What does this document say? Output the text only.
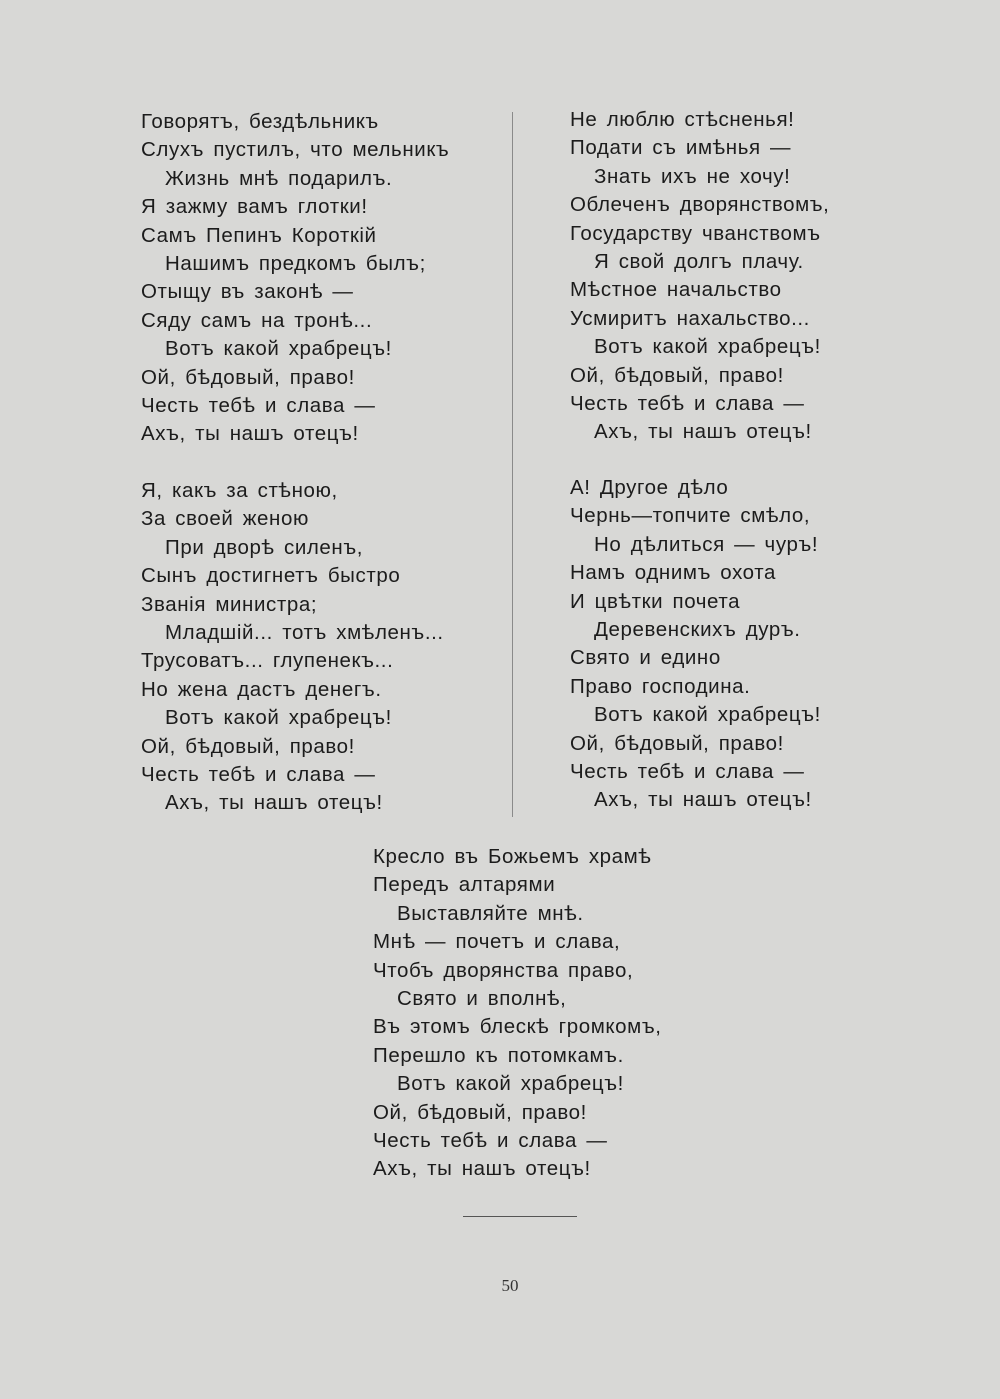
Говорятъ, бездѣльникъ
Слухъ пустилъ, что мельникъ
Жизнь мнѣ подарилъ.
Я зажму вамъ глотки!
Самъ Пепинъ Короткій
Нашимъ предкомъ былъ;
Отыщу въ законѣ —
Сяду самъ на тронѣ...
Вотъ какой храбрецъ!
Ой, бѣдовый, право!
Честь тебѣ и слава —
Ахъ, ты нашъ отецъ!
Я, какъ за стѣною,
За своей женою
При дворѣ силенъ,
Сынъ достигнетъ быстро
Званія министра;
Младшій... тотъ хмѣленъ...
Трусоватъ... глупенекъ...
Но жена дастъ денегъ.
Вотъ какой храбрецъ!
Ой, бѣдовый, право!
Честь тебѣ и слава —
Ахъ, ты нашъ отецъ!
Не люблю стѣсненья!
Подати съ имѣнья —
Знать ихъ не хочу!
Облеченъ дворянствомъ,
Государству чванствомъ
Я свой долгъ плачу.
Мѣстное начальство
Усмиритъ нахальство...
Вотъ какой храбрецъ!
Ой, бѣдовый, право!
Честь тебѣ и слава —
Ахъ, ты нашъ отецъ!
А! Другое дѣло
Чернь—топчите смѣло,
Но дѣлиться — чуръ!
Намъ однимъ охота
И цвѣтки почета
Деревенскихъ дуръ.
Свято и едино
Право господина.
Вотъ какой храбрецъ!
Ой, бѣдовый, право!
Честь тебѣ и слава —
Ахъ, ты нашъ отецъ!
Кресло въ Божьемъ храмѣ
Передъ алтарями
Выставляйте мнѣ.
Мнѣ — почетъ и слава,
Чтобъ дворянства право,
Свято и вполнѣ,
Въ этомъ блескѣ громкомъ,
Перешло къ потомкамъ.
Вотъ какой храбрецъ!
Ой, бѣдовый, право!
Честь тебѣ и слава —
Ахъ, ты нашъ отецъ!
50
